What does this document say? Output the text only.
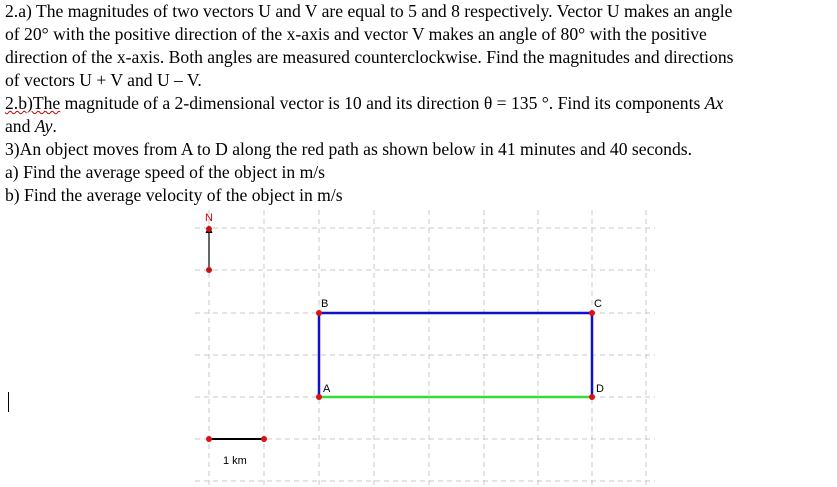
2.a) The magnitudes of two vectors U and V are equal to 5 and 8 respectively. Vector U makes an angle

of 20° with the positive direction of the x-axis and vector V makes an angle of 80° with the positive

direction of the x-axis. Both angles are measured counterclockwise. Find the magnitudes and directions

of vectors U + V and U – V.

2.b)The magnitude of a 2-dimensional vector is 10 and its direction θ = 135 °. Find its components Ax

and Ay.

3)An object moves from A to D along the red path as shown below in 41 minutes and 40 seconds.

a) Find the average speed of the object in m/s

b) Find the average velocity of the object in m/s

N
A
B	C
D
1 km
